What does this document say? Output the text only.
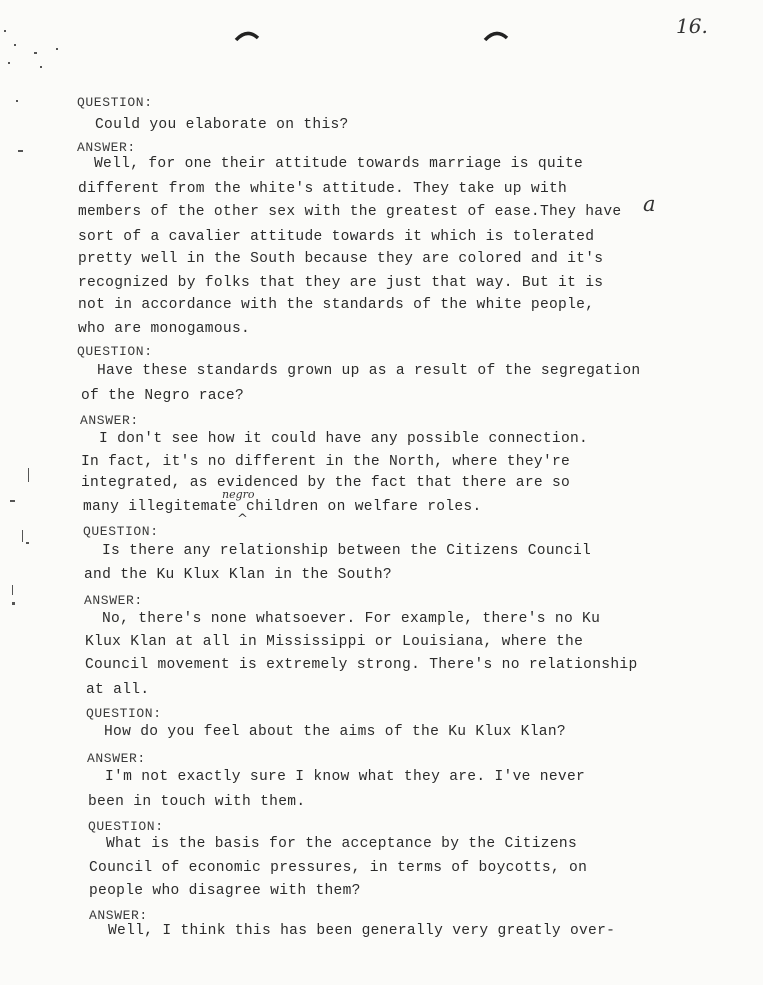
16.
QUESTION:
Could you elaborate on this?
ANSWER:
Well, for one their attitude towards marriage is quite
different from the white's attitude. They take up with
members of the other sex with the greatest of ease.They have a
sort of a cavalier attitude towards it which is tolerated
pretty well in the South because they are colored and it's
recognized by folks that they are just that way. But it is
not in accordance with the standards of the white people,
who are monogamous.
QUESTION:
Have these standards grown up as a result of the segregation
of the Negro race?
ANSWER:
I don't see how it could have any possible connection.
In fact, it's no different in the North, where they're
integrated, as evidenced by the fact that there are so
negro
many illegitemate children on welfare roles.
^
QUESTION:
Is there any relationship between the Citizens Council
and the Ku Klux Klan in the South?
ANSWER:
No, there's none whatsoever. For example, there's no Ku
Klux Klan at all in Mississippi or Louisiana, where the
Council movement is extremely strong. There's no relationship
at all.
QUESTION:
How do you feel about the aims of the Ku Klux Klan?
ANSWER:
I'm not exactly sure I know what they are. I've never
been in touch with them.
QUESTION:
What is the basis for the acceptance by the Citizens
Council of economic pressures, in terms of boycotts, on
people who disagree with them?
ANSWER:
Well, I think this has been generally very greatly over-
